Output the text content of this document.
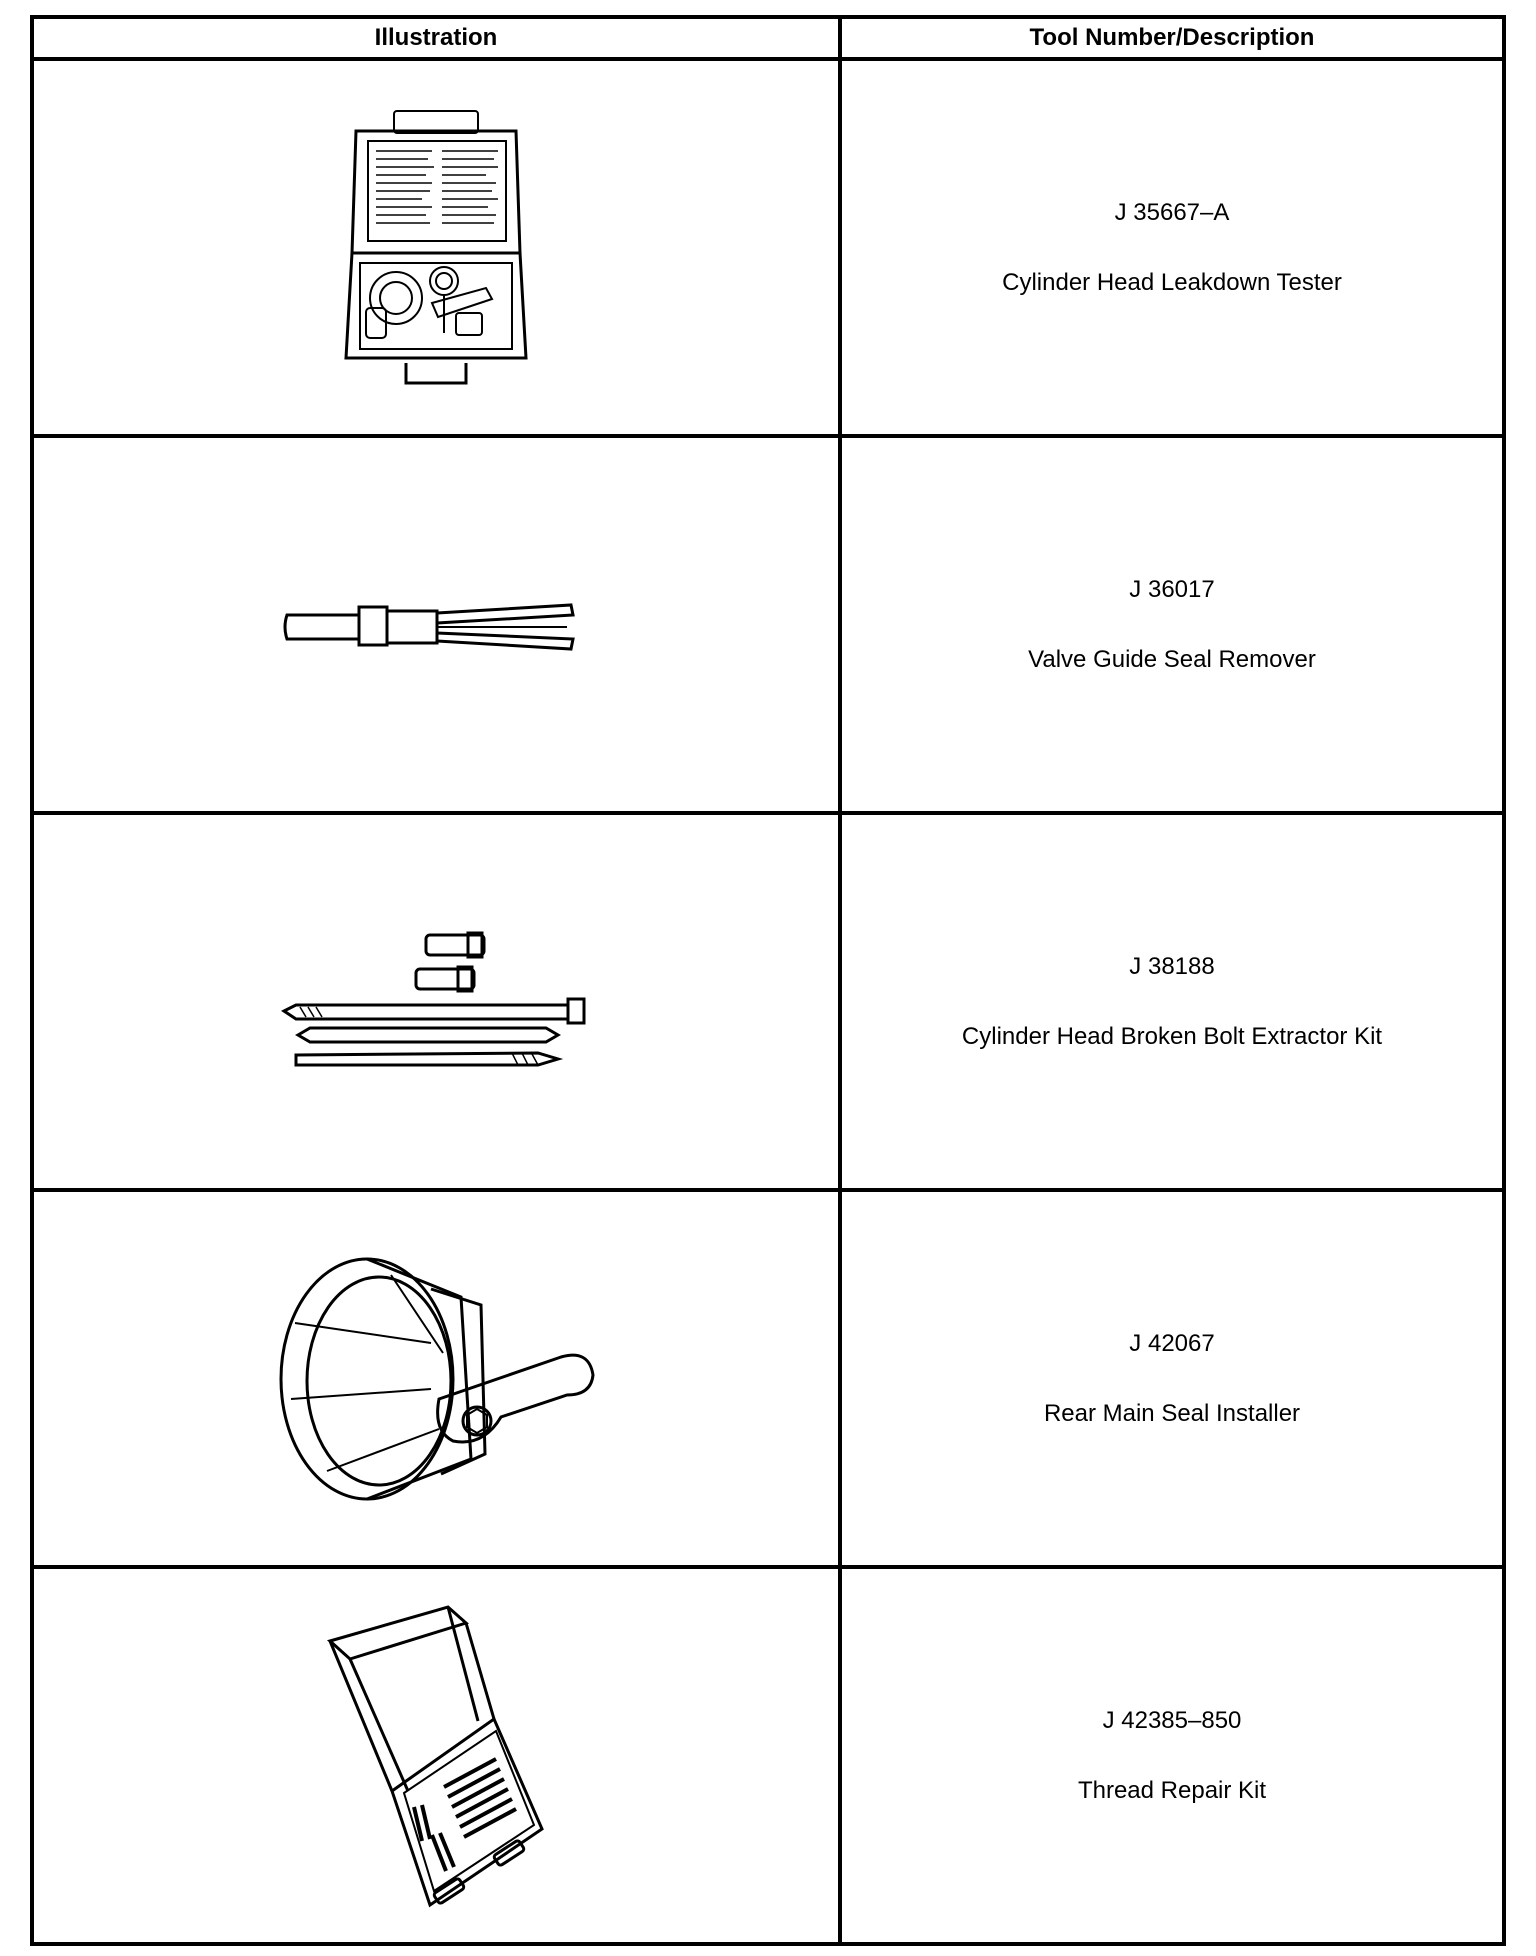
Illustration	Tool Number/Description

J 35667–A
Cylinder Head Leakdown Tester

J 36017
Valve Guide Seal Remover

J 38188
Cylinder Head Broken Bolt Extractor Kit

J 42067
Rear Main Seal Installer

J 42385–850
Thread Repair Kit
